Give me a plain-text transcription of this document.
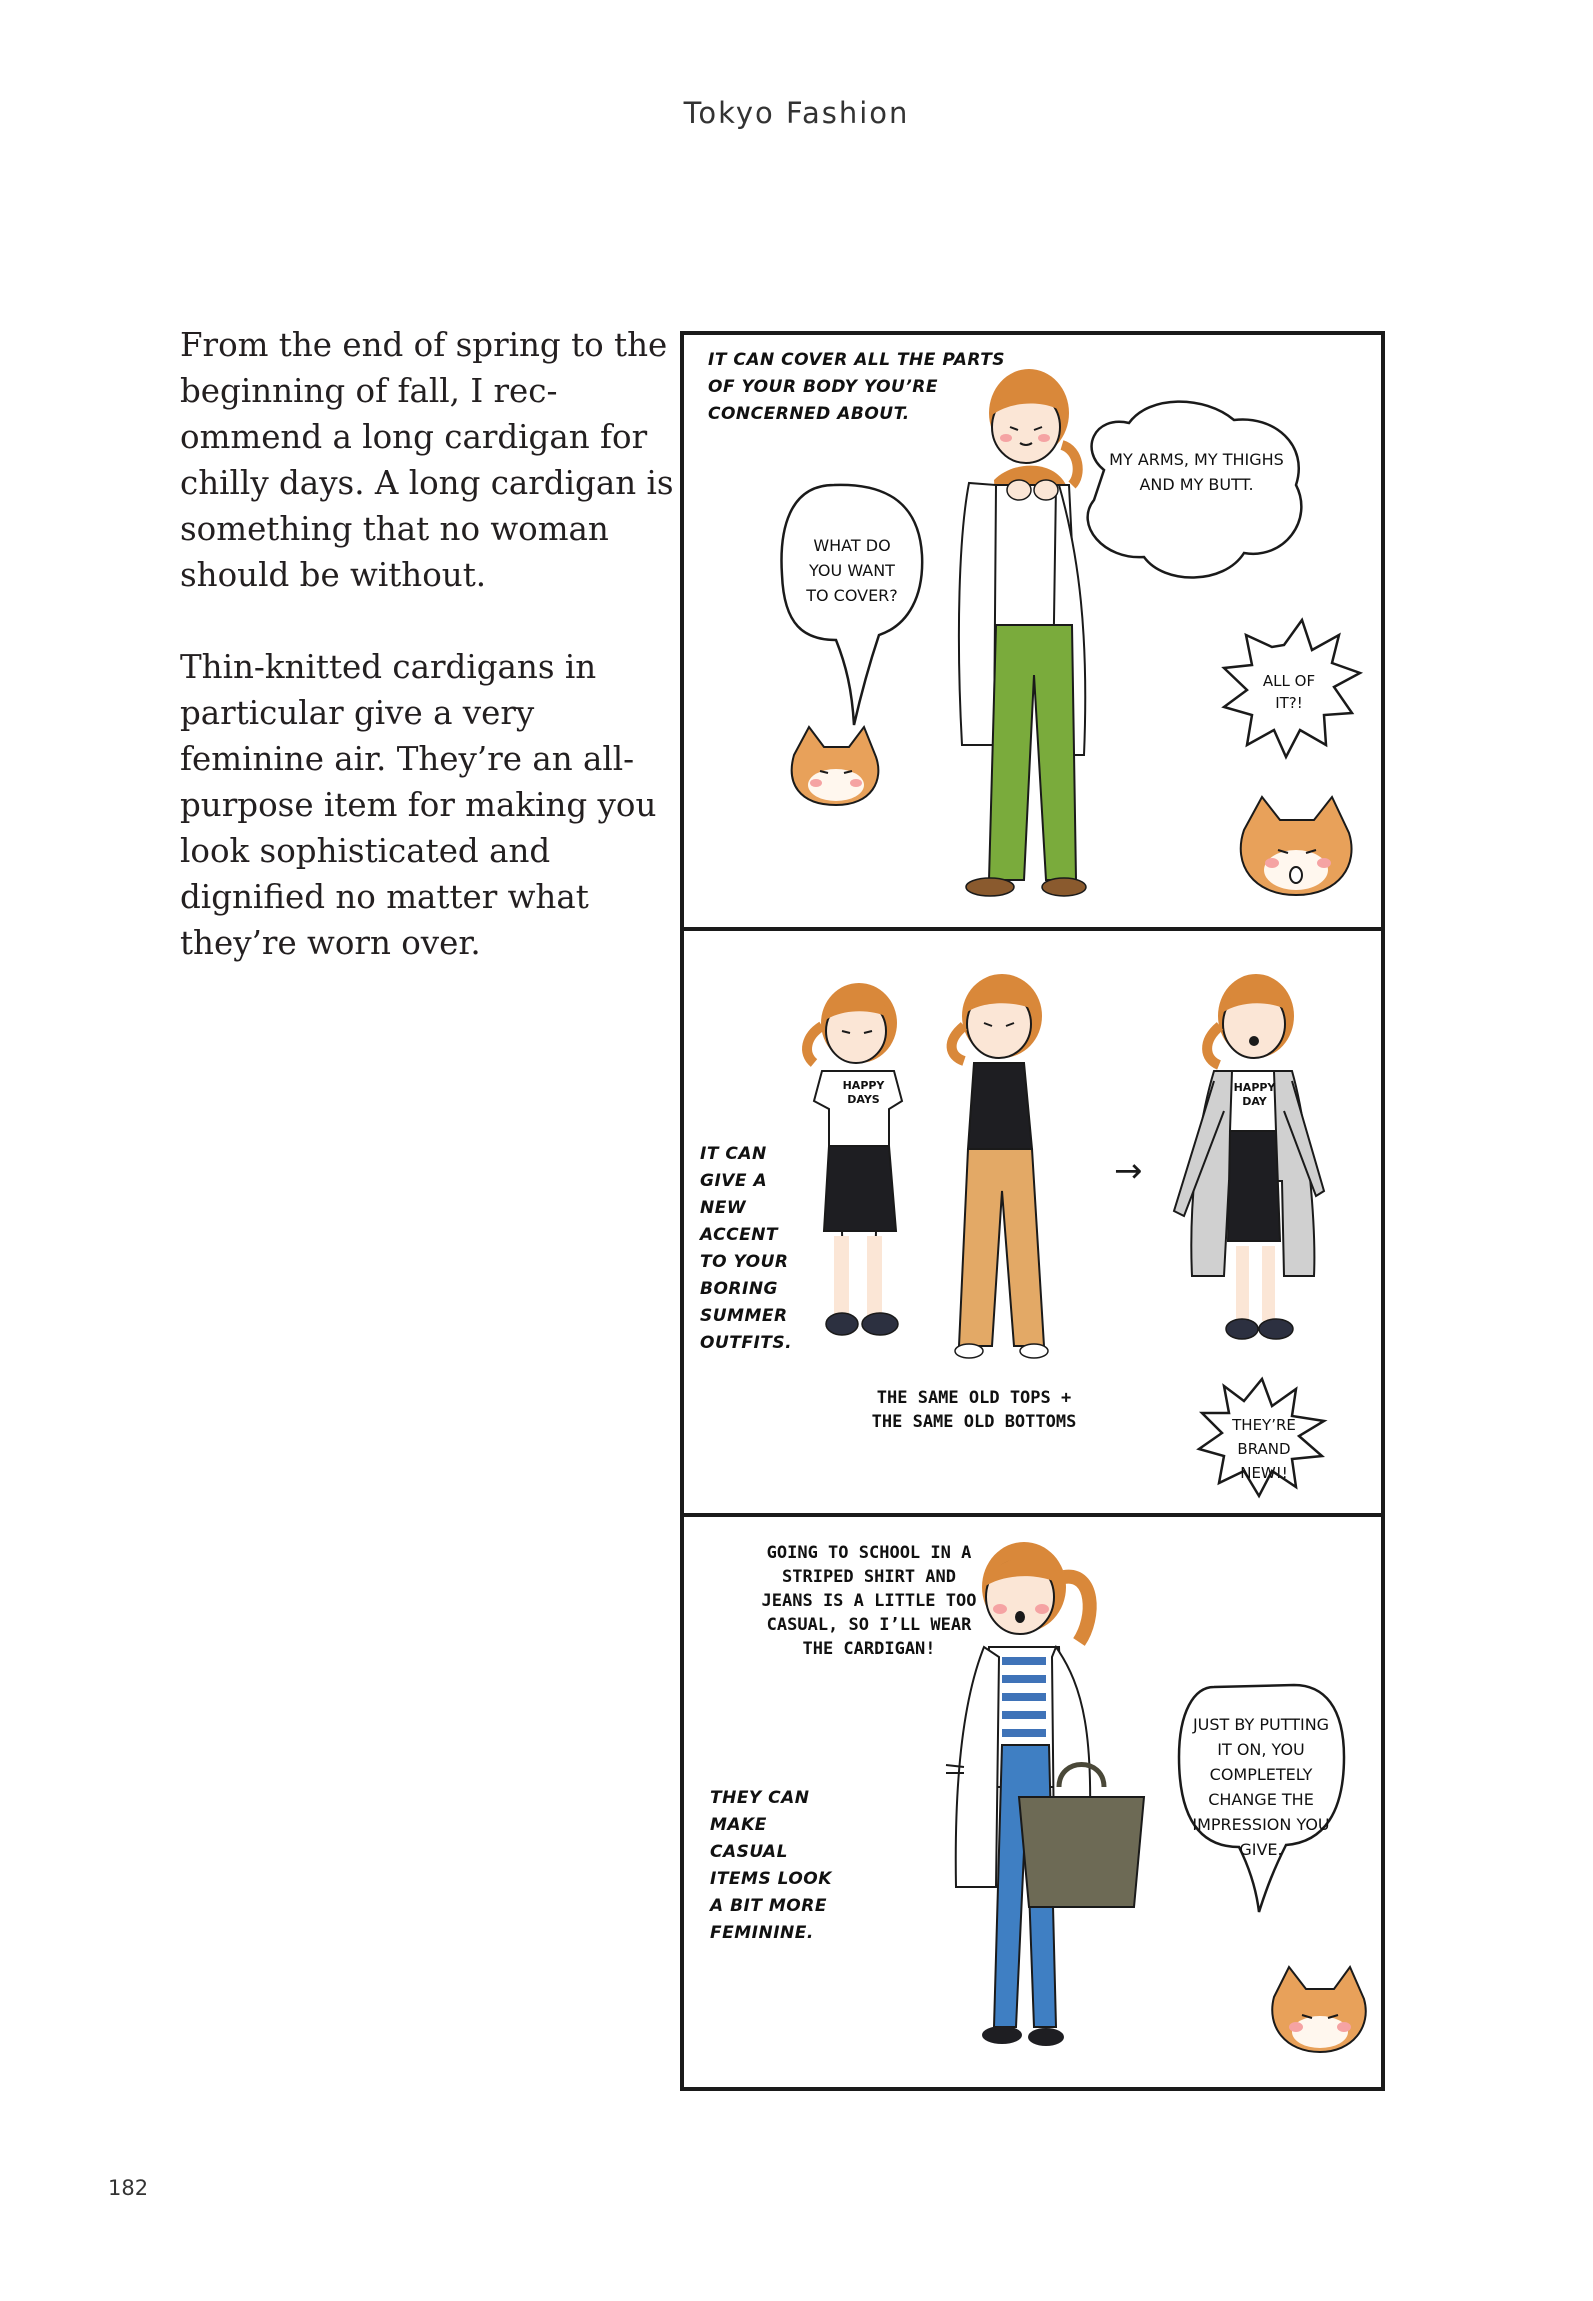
Tokyo Fashion

From the end of spring to the beginning of fall, I recommend a long cardigan for chilly days. A long cardigan is something that no woman should be without.

Thin-knitted cardigans in particular give a very feminine air. They’re an all-purpose item for making you look sophisticated and dignified no matter what they’re worn over.

IT CAN COVER ALL THE PARTS OF YOUR BODY YOU’RE CONCERNED ABOUT.
WHAT DO YOU WANT TO COVER?
MY ARMS, MY THIGHS AND MY BUTT.
ALL OF IT?!
HAPPY DAYS
HAPPY DAY
→
IT CAN GIVE A NEW ACCENT TO YOUR BORING SUMMER OUTFITS.
THE SAME OLD TOPS + THE SAME OLD BOTTOMS	THEY’RE BRAND NEW!!
GOING TO SCHOOL IN A STRIPED SHIRT AND JEANS IS A LITTLE TOO CASUAL, SO I’LL WEAR THE CARDIGAN!
THEY CAN MAKE CASUAL ITEMS LOOK A BIT MORE FEMININE.
JUST BY PUTTING IT ON, YOU COMPLETELY CHANGE THE IMPRESSION YOU GIVE.
182
